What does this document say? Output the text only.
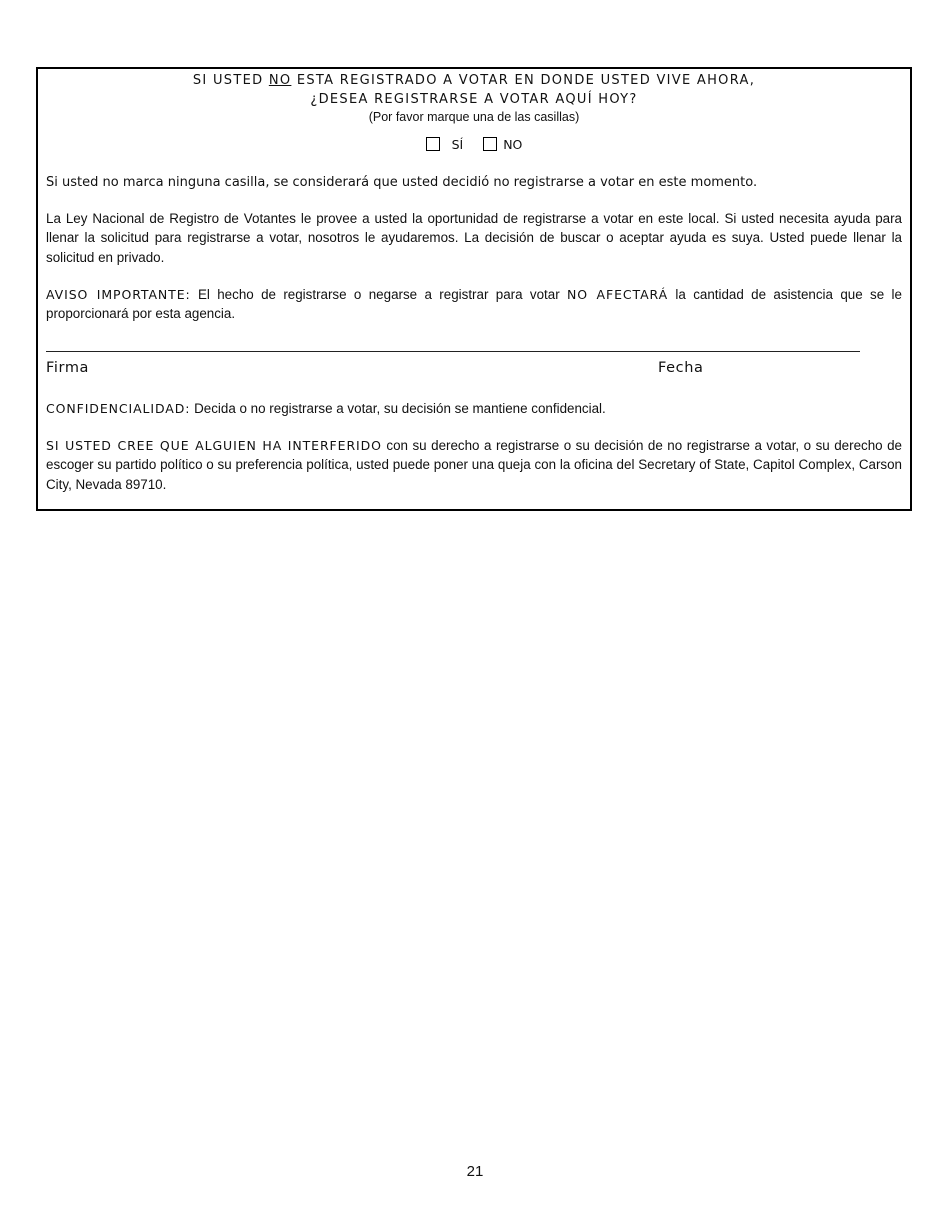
SI USTED NO ESTA REGISTRADO A VOTAR EN DONDE USTED VIVE AHORA,
¿DESEA REGISTRARSE A VOTAR AQUÍ HOY?
(Por favor marque una de las casillas)
SÍ	NO
Si usted no marca ninguna casilla, se considerará que usted decidió no registrarse a votar en este momento.
La Ley Nacional de Registro de Votantes le provee a usted la oportunidad de registrarse a votar en este local. Si usted necesita ayuda para llenar la solicitud para registrarse a votar, nosotros le ayudaremos. La decisión de buscar o aceptar ayuda es suya. Usted puede llenar la solicitud en privado.
AVISO IMPORTANTE: El hecho de registrarse o negarse a registrar para votar NO AFECTARÁ la cantidad de asistencia que se le proporcionará por esta agencia.
Firma	Fecha
CONFIDENCIALIDAD: Decida o no registrarse a votar, su decisión se mantiene confidencial.
SI USTED CREE QUE ALGUIEN HA INTERFERIDO con su derecho a registrarse o su decisión de no registrarse a votar, o su derecho de escoger su partido político o su preferencia política, usted puede poner una queja con la oficina del Secretary of State, Capitol Complex, Carson City, Nevada 89710.
21
